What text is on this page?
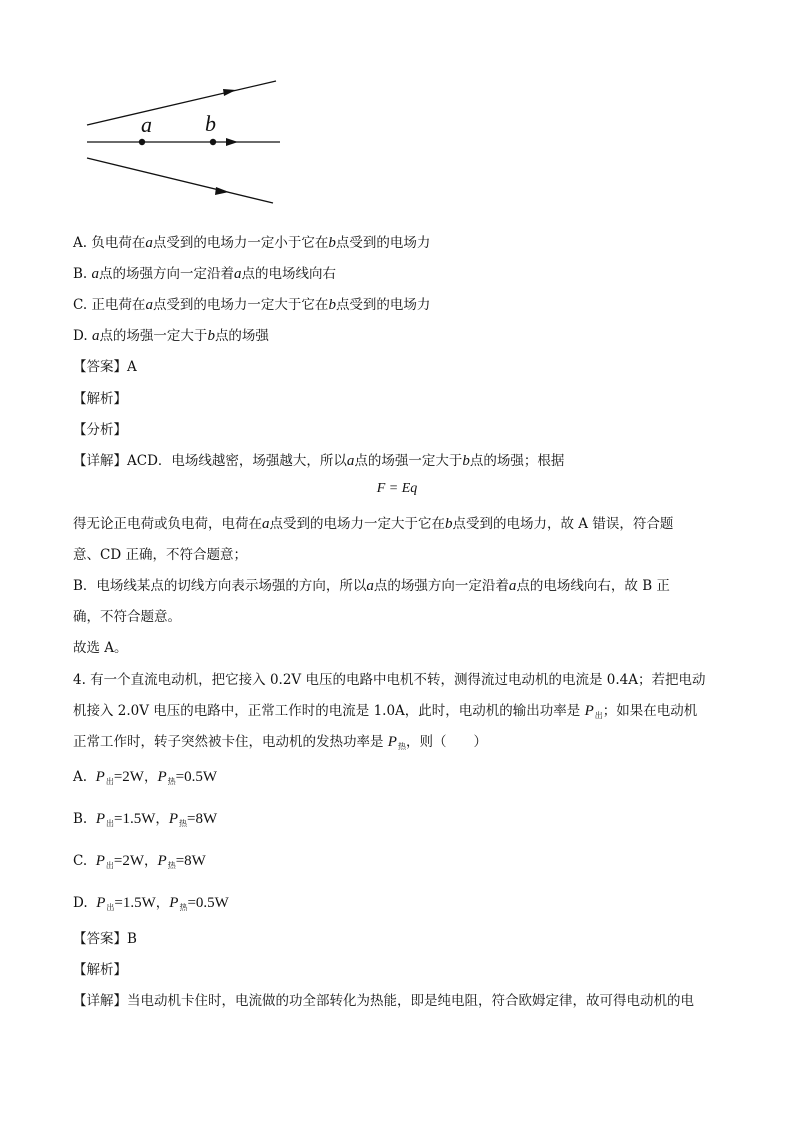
a b
A. 负电荷在a点受到的电场力一定小于它在b点受到的电场力
B. a点的场强方向一定沿着a点的电场线向右
C. 正电荷在a点受到的电场力一定大于它在b点受到的电场力
D. a点的场强一定大于b点的场强
【答案】A
【解析】
【分析】
【详解】ACD．电场线越密，场强越大，所以a点的场强一定大于b点的场强；根据
F = Eq
得无论正电荷或负电荷，电荷在a点受到的电场力一定大于它在b点受到的电场力，故 A 错误，符合题
意、CD 正确，不符合题意；
B．电场线某点的切线方向表示场强的方向，所以a点的场强方向一定沿着a点的电场线向右，故 B 正
确，不符合题意。
故选 A。
4. 有一个直流电动机，把它接入 0.2V 电压的电路中电机不转，测得流过电动机的电流是 0.4A；若把电动
机接入 2.0V 电压的电路中，正常工作时的电流是 1.0A，此时，电动机的输出功率是 $P_出$；如果在电动机
正常工作时，转子突然被卡住，电动机的发热功率是 $P_热$，则（　　）
A. $P_出=2W$，$P_热=0.5W$
B. $P_出=1.5W$，$P_热=8W$
C. $P_出=2W$，$P_热=8W$
D. $P_出=1.5W$，$P_热=0.5W$
【答案】B
【解析】
【详解】当电动机卡住时，电流做的功全部转化为热能，即是纯电阻，符合欧姆定律，故可得电动机的电
